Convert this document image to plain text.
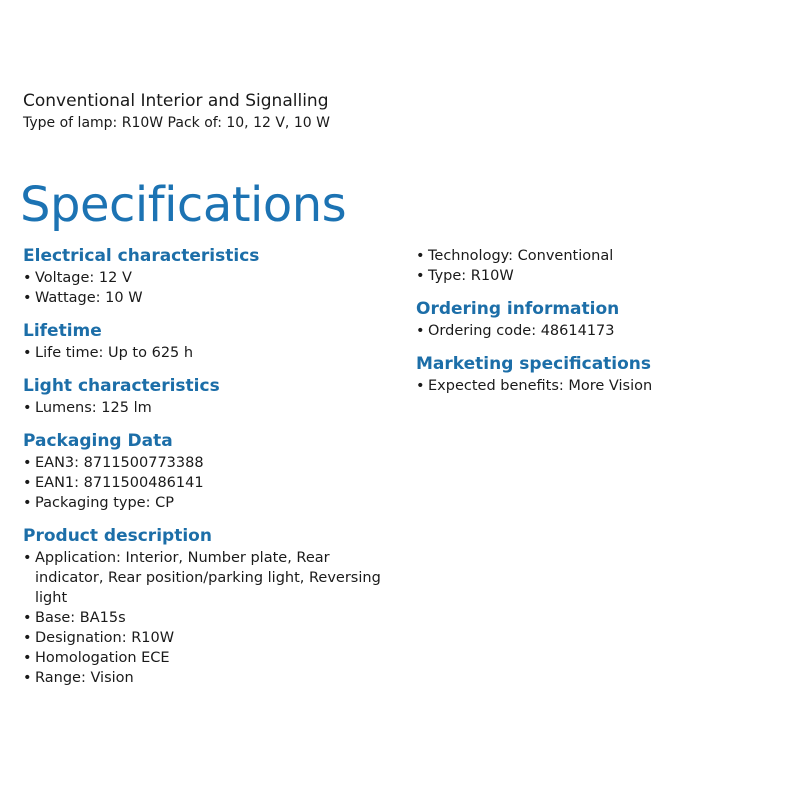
Conventional Interior and Signalling
Type of lamp: R10W Pack of: 10, 12 V, 10 W
Specifications
Electrical characteristics
• Voltage: 12 V
• Wattage: 10 W
Lifetime
• Life time: Up to 625 h
Light characteristics
• Lumens: 125 lm
Packaging Data
• EAN3: 8711500773388
• EAN1: 8711500486141
• Packaging type: CP
Product description
• Application: Interior, Number plate, Rear indicator, Rear position/parking light, Reversing light
• Base: BA15s
• Designation: R10W
• Homologation ECE
• Range: Vision
• Technology: Conventional
• Type: R10W
Ordering information
• Ordering code: 48614173
Marketing specifications
• Expected benefits: More Vision
